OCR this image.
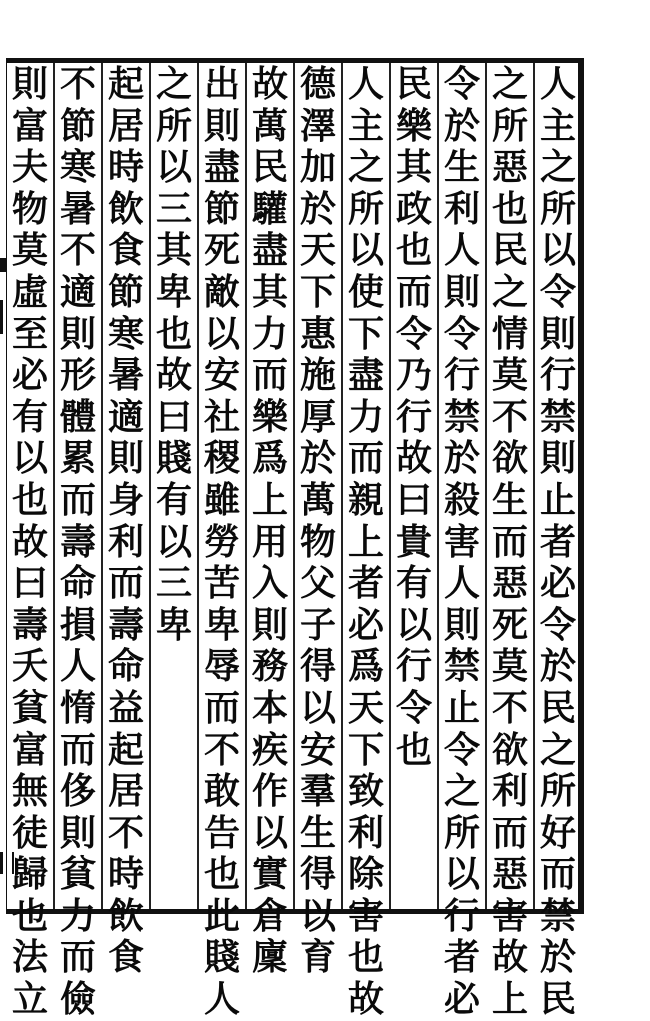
人
主
之
所
以
令
則
行
禁
則
止
者
必
令
於
民
之
所
好
而
禁
於
民
之
所
惡
也
民
之
情
莫
不
欲
生
而
惡
死
莫
不
欲
利
而
惡
害
故
上
令
於
生
利
人
則
令
行
禁
於
殺
害
人
則
禁
止
令
之
所
以
行
者
必
民
樂
其
政
也
而
令
乃
行
故
曰
貴
有
以
行
令
也
人
主
之
所
以
使
下
盡
力
而
親
上
者
必
爲
天
下
致
利
除
害
也
故
德
澤
加
於
天
下
惠
施
厚
於
萬
物
父
子
得
以
安
羣
生
得
以
育
故
萬
民
驩
盡
其
力
而
樂
爲
上
用
入
則
務
本
疾
作
以
實
倉
廩
出
則
盡
節
死
敵
以
安
社
稷
雖
勞
苦
卑
辱
而
不
敢
告
也
此
賤
人
之
所
以
三
其
卑
也
故
曰
賤
有
以
三
卑
起
居
時
飲
食
節
寒
暑
適
則
身
利
而
壽
命
益
起
居
不
時
飲
食
不
節
寒
暑
不
適
則
形
體
累
而
壽
命
損
人
惰
而
侈
則
貧
力
而
儉
則
富
夫
物
莫
虛
至
必
有
以
也
故
曰
壽
夭
貧
富
無
徒
歸
也
法
立
